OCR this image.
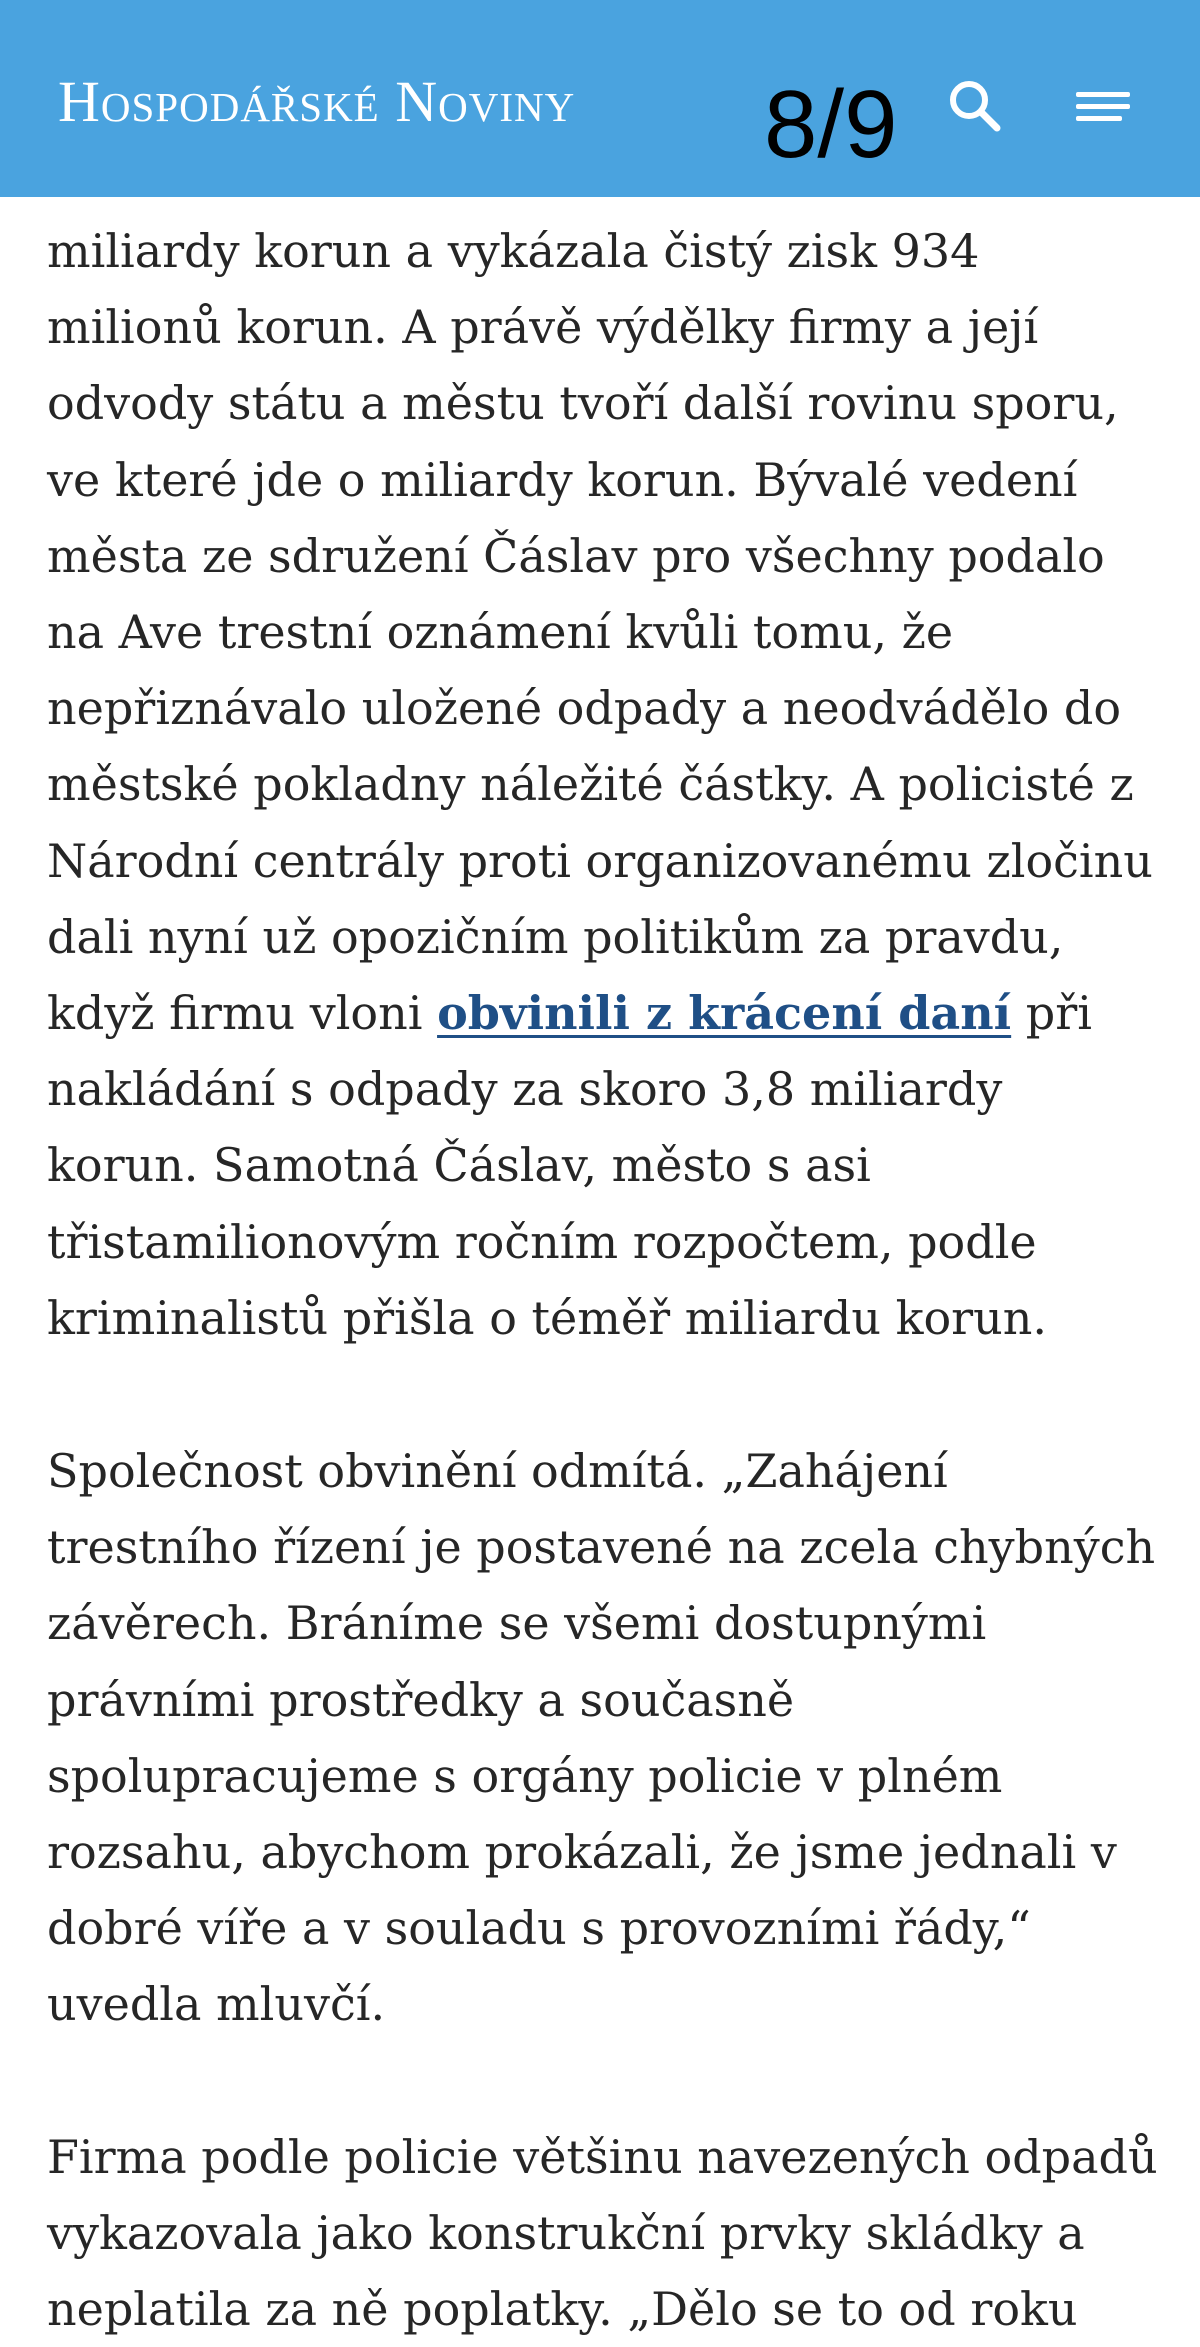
Hospodářské Noviny 8/9

miliardy korun a vykázala čistý zisk 934 milionů korun. A právě výdělky firmy a její odvody státu a městu tvoří další rovinu sporu, ve které jde o miliardy korun. Bývalé vedení města ze sdružení Čáslav pro všechny podalo na Ave trestní oznámení kvůli tomu, že nepřiznávalo uložené odpady a neodvádělo do městské pokladny náležité částky. A policisté z Národní centrály proti organizovanému zločinu dali nyní už opozičním politikům za pravdu, když firmu vloni obvinili z krácení daní při nakládání s odpady za skoro 3,8 miliardy korun. Samotná Čáslav, město s asi třistamilionovým ročním rozpočtem, podle kriminalistů přišla o téměř miliardu korun.

Společnost obvinění odmítá. „Zahájení trestního řízení je postavené na zcela chybných závěrech. Bráníme se všemi dostupnými právními prostředky a současně spolupracujeme s orgány policie v plném rozsahu, abychom prokázali, že jsme jednali v dobré víře a v souladu s provozními řády,“ uvedla mluvčí.

Firma podle policie většinu navezených odpadů vykazovala jako konstrukční prvky skládky a neplatila za ně poplatky. „Dělo se to od roku
